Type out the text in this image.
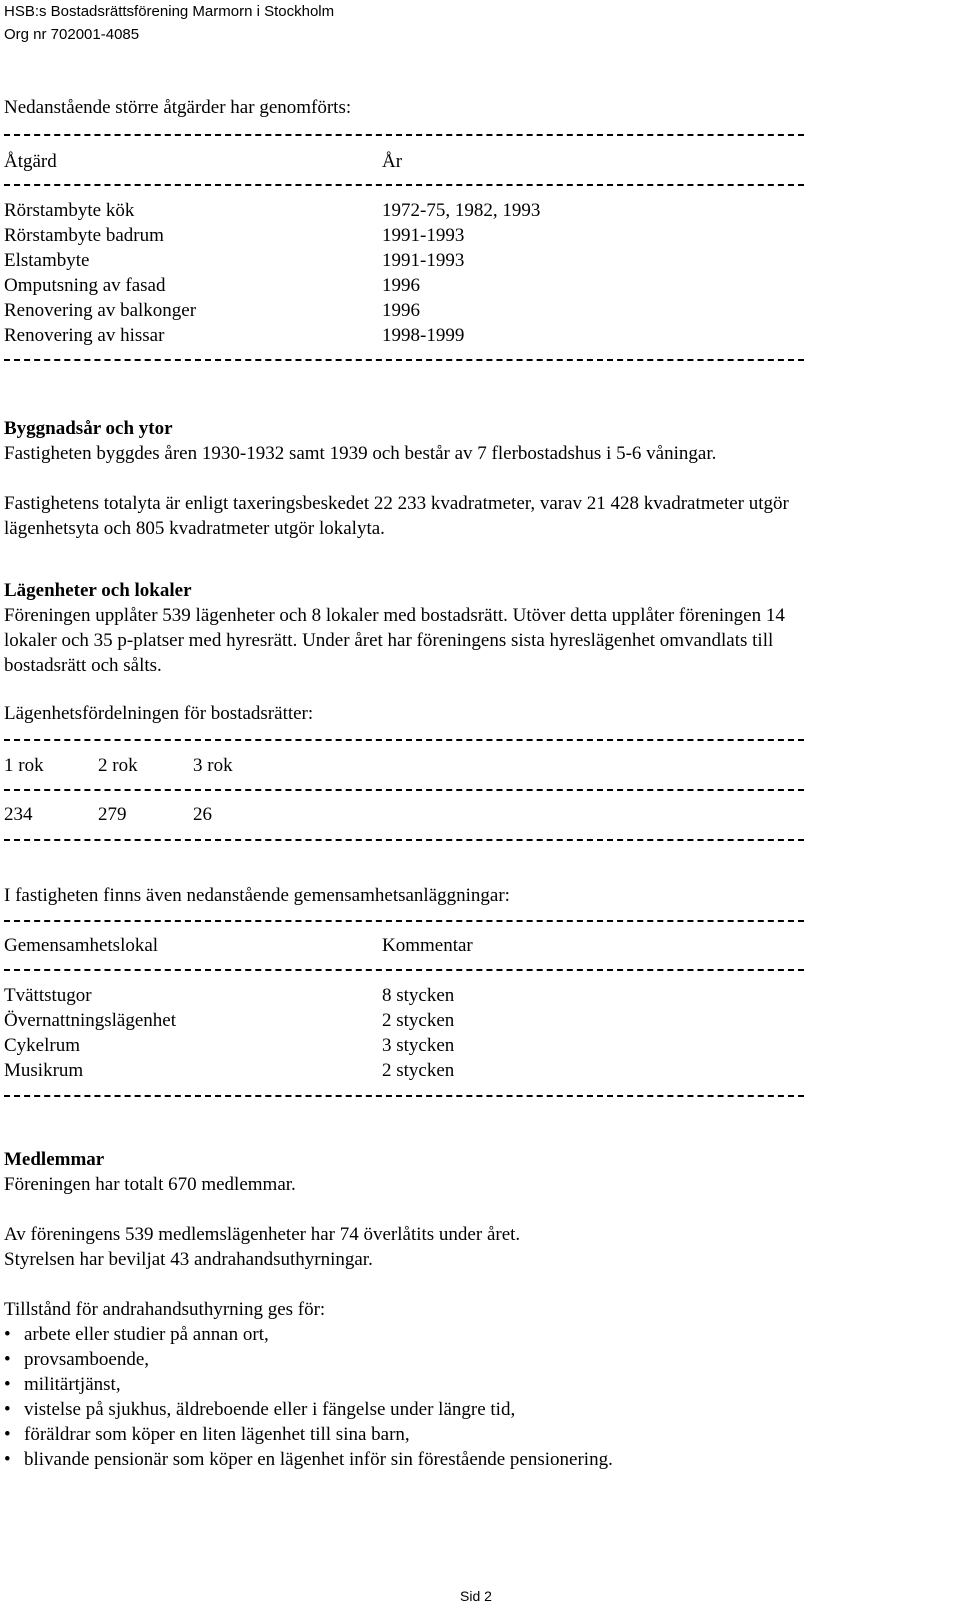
HSB:s Bostadsrättsförening Marmorn i Stockholm
Org nr 702001-4085
Nedanstående större åtgärder har genomförts:
Åtgärd	År
Rörstambyte kök	1972-75, 1982, 1993
Rörstambyte badrum	1991-1993
Elstambyte	1991-1993
Omputsning av fasad	1996
Renovering av balkonger	1996
Renovering av hissar	1998-1999
Byggnadsår och ytor
Fastigheten byggdes åren 1930-1932 samt 1939 och består av 7 flerbostadshus i 5-6 våningar.
Fastighetens totalyta är enligt taxeringsbeskedet 22 233 kvadratmeter, varav 21 428 kvadratmeter utgör
lägenhetsyta och 805 kvadratmeter utgör lokalyta.
Lägenheter och lokaler
Föreningen upplåter 539 lägenheter och 8 lokaler med bostadsrätt. Utöver detta upplåter föreningen 14
lokaler och 35 p-platser med hyresrätt. Under året har föreningens sista hyreslägenhet omvandlats till
bostadsrätt och sålts.
Lägenhetsfördelningen för bostadsrätter:
1 rok	2 rok	3 rok
234	279	26
I fastigheten finns även nedanstående gemensamhetsanläggningar:
Gemensamhetslokal	Kommentar
Tvättstugor	8 stycken
Övernattningslägenhet	2 stycken
Cykelrum	3 stycken
Musikrum	2 stycken
Medlemmar
Föreningen har totalt 670 medlemmar.
Av föreningens 539 medlemslägenheter har 74 överlåtits under året.
Styrelsen har beviljat 43 andrahandsuthyrningar.
Tillstånd för andrahandsuthyrning ges för:
• arbete eller studier på annan ort,
• provsamboende,
• militärtjänst,
• vistelse på sjukhus, äldreboende eller i fängelse under längre tid,
• föräldrar som köper en liten lägenhet till sina barn,
• blivande pensionär som köper en lägenhet inför sin förestående pensionering.
Sid 2
